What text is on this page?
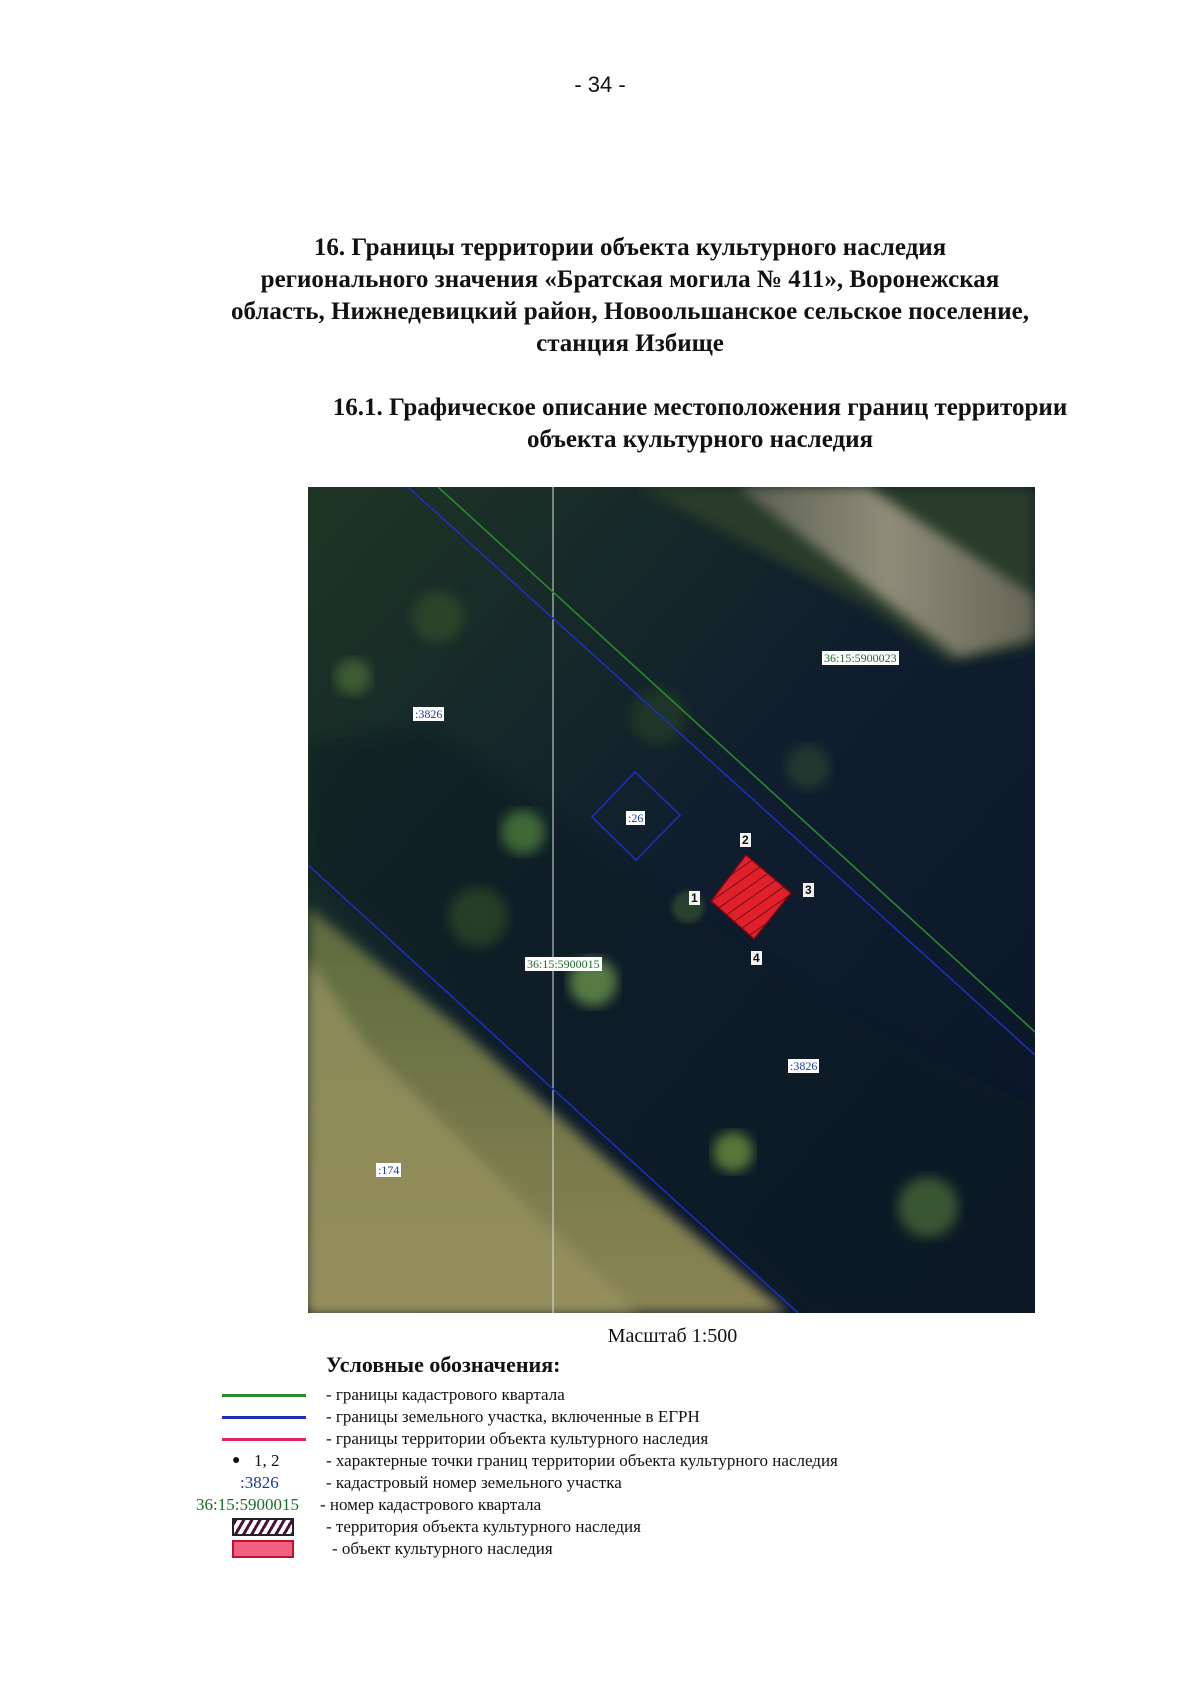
- 34 -
16. Границы территории объекта культурного наследия
регионального значения «Братская могила № 411», Воронежская
область, Нижнедевицкий район, Новоольшанское сельское поселение,
станция Избище
16.1. Графическое описание местоположения границ территории
объекта культурного наследия
36:15:5900023
:3826
:26
36:15:5900015
:3826
:174
1
2
3
4
Масштаб 1:500
Условные обозначения:
- границы кадастрового квартала
- границы земельного участка, включенные в ЕГРН
- границы территории объекта культурного наследия
● 1, 2	- характерные точки границ территории объекта культурного наследия
:3826	- кадастровый номер земельного участка
36:15:5900015 - номер кадастрового квартала
- территория объекта культурного наследия
- объект культурного наследия
